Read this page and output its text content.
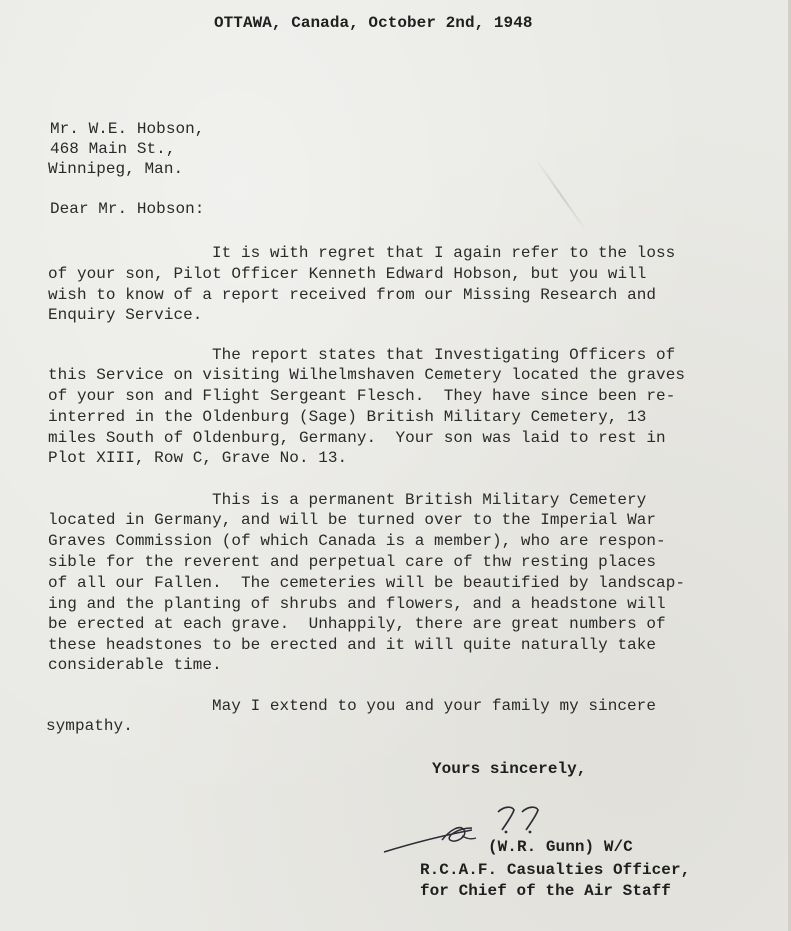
OTTAWA, Canada, October 2nd, 1948
Mr. W.E. Hobson,
468 Main St.,
Winnipeg, Man.
Dear Mr. Hobson:
It is with regret that I again refer to the loss
of your son, Pilot Officer Kenneth Edward Hobson, but you will
wish to know of a report received from our Missing Research and
Enquiry Service.
The report states that Investigating Officers of
this Service on visiting Wilhelmshaven Cemetery located the graves
of your son and Flight Sergeant Flesch.  They have since been re-
interred in the Oldenburg (Sage) British Military Cemetery, 13
miles South of Oldenburg, Germany.  Your son was laid to rest in
Plot XIII, Row C, Grave No. 13.
This is a permanent British Military Cemetery
located in Germany, and will be turned over to the Imperial War
Graves Commission (of which Canada is a member), who are respon-
sible for the reverent and perpetual care of thw resting places
of all our Fallen.  The cemeteries will be beautified by landscap-
ing and the planting of shrubs and flowers, and a headstone will
be erected at each grave.  Unhappily, there are great numbers of
these headstones to be erected and it will quite naturally take
considerable time.
May I extend to you and your family my sincere
sympathy.
Yours sincerely,
(W.R. Gunn) W/C
R.C.A.F. Casualties Officer,
for Chief of the Air Staff
